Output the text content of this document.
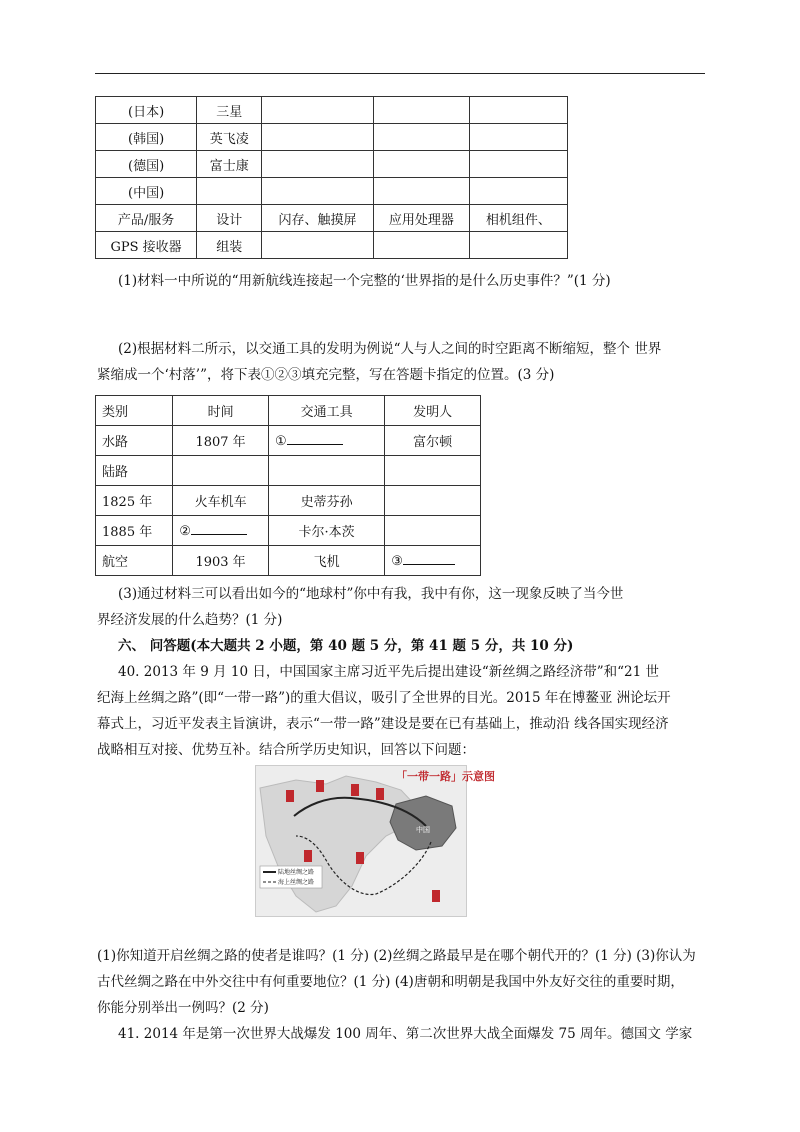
(日本)	三星			
(韩国)	英飞凌			
(德国)	富士康			
(中国)				
产品/服务	设计	闪存、触摸屏	应用处理器	相机组件、
GPS 接收器	组装			
(1)材料一中所说的“用新航线连接起一个完整的‘世界指的是什么历史事件？”(1 分)
(2)根据材料二所示，以交通工具的发明为例说“人与人之间的时空距离不断缩短，整个 世界
紧缩成一个‘村落’”，将下表①②③填充完整，写在答题卡指定的位置。(3 分)
类别	时间	交通工具	发明人
水路	1807 年	①	富尔顿
陆路			
1825 年	火车机车	史蒂芬孙	
1885 年	②	卡尔·本茨	
航空	1903 年	飞机	③
(3)通过材料三可以看出如今的“地球村”你中有我，我中有你，这一现象反映了当今世
界经济发展的什么趋势？(1 分)
六、 问答题(本大题共 2 小题，第 40 题 5 分，第 41 题 5 分，共 10 分)
40. 2013 年 9 月 10 日，中国国家主席习近平先后提出建设“新丝绸之路经济带”和“21 世
纪海上丝绸之路”(即“一带一路”)的重大倡议，吸引了全世界的目光。2015 年在博鳌亚 洲论坛开
幕式上，习近平发表主旨演讲，表示“一带一路”建设是要在已有基础上，推动沿 线各国实现经济
战略相互对接、优势互补。结合所学历史知识，回答以下问题：
「一带一路」示意图
中国
陆地丝绸之路
海上丝绸之路
(1)你知道开启丝绸之路的使者是谁吗？(1 分) (2)丝绸之路最早是在哪个朝代开的？(1 分) (3)你认为
古代丝绸之路在中外交往中有何重要地位？(1 分) (4)唐朝和明朝是我国中外友好交往的重要时期，
你能分别举出一例吗？(2 分)
41. 2014 年是第一次世界大战爆发 100 周年、第二次世界大战全面爆发 75 周年。德国文 学家
